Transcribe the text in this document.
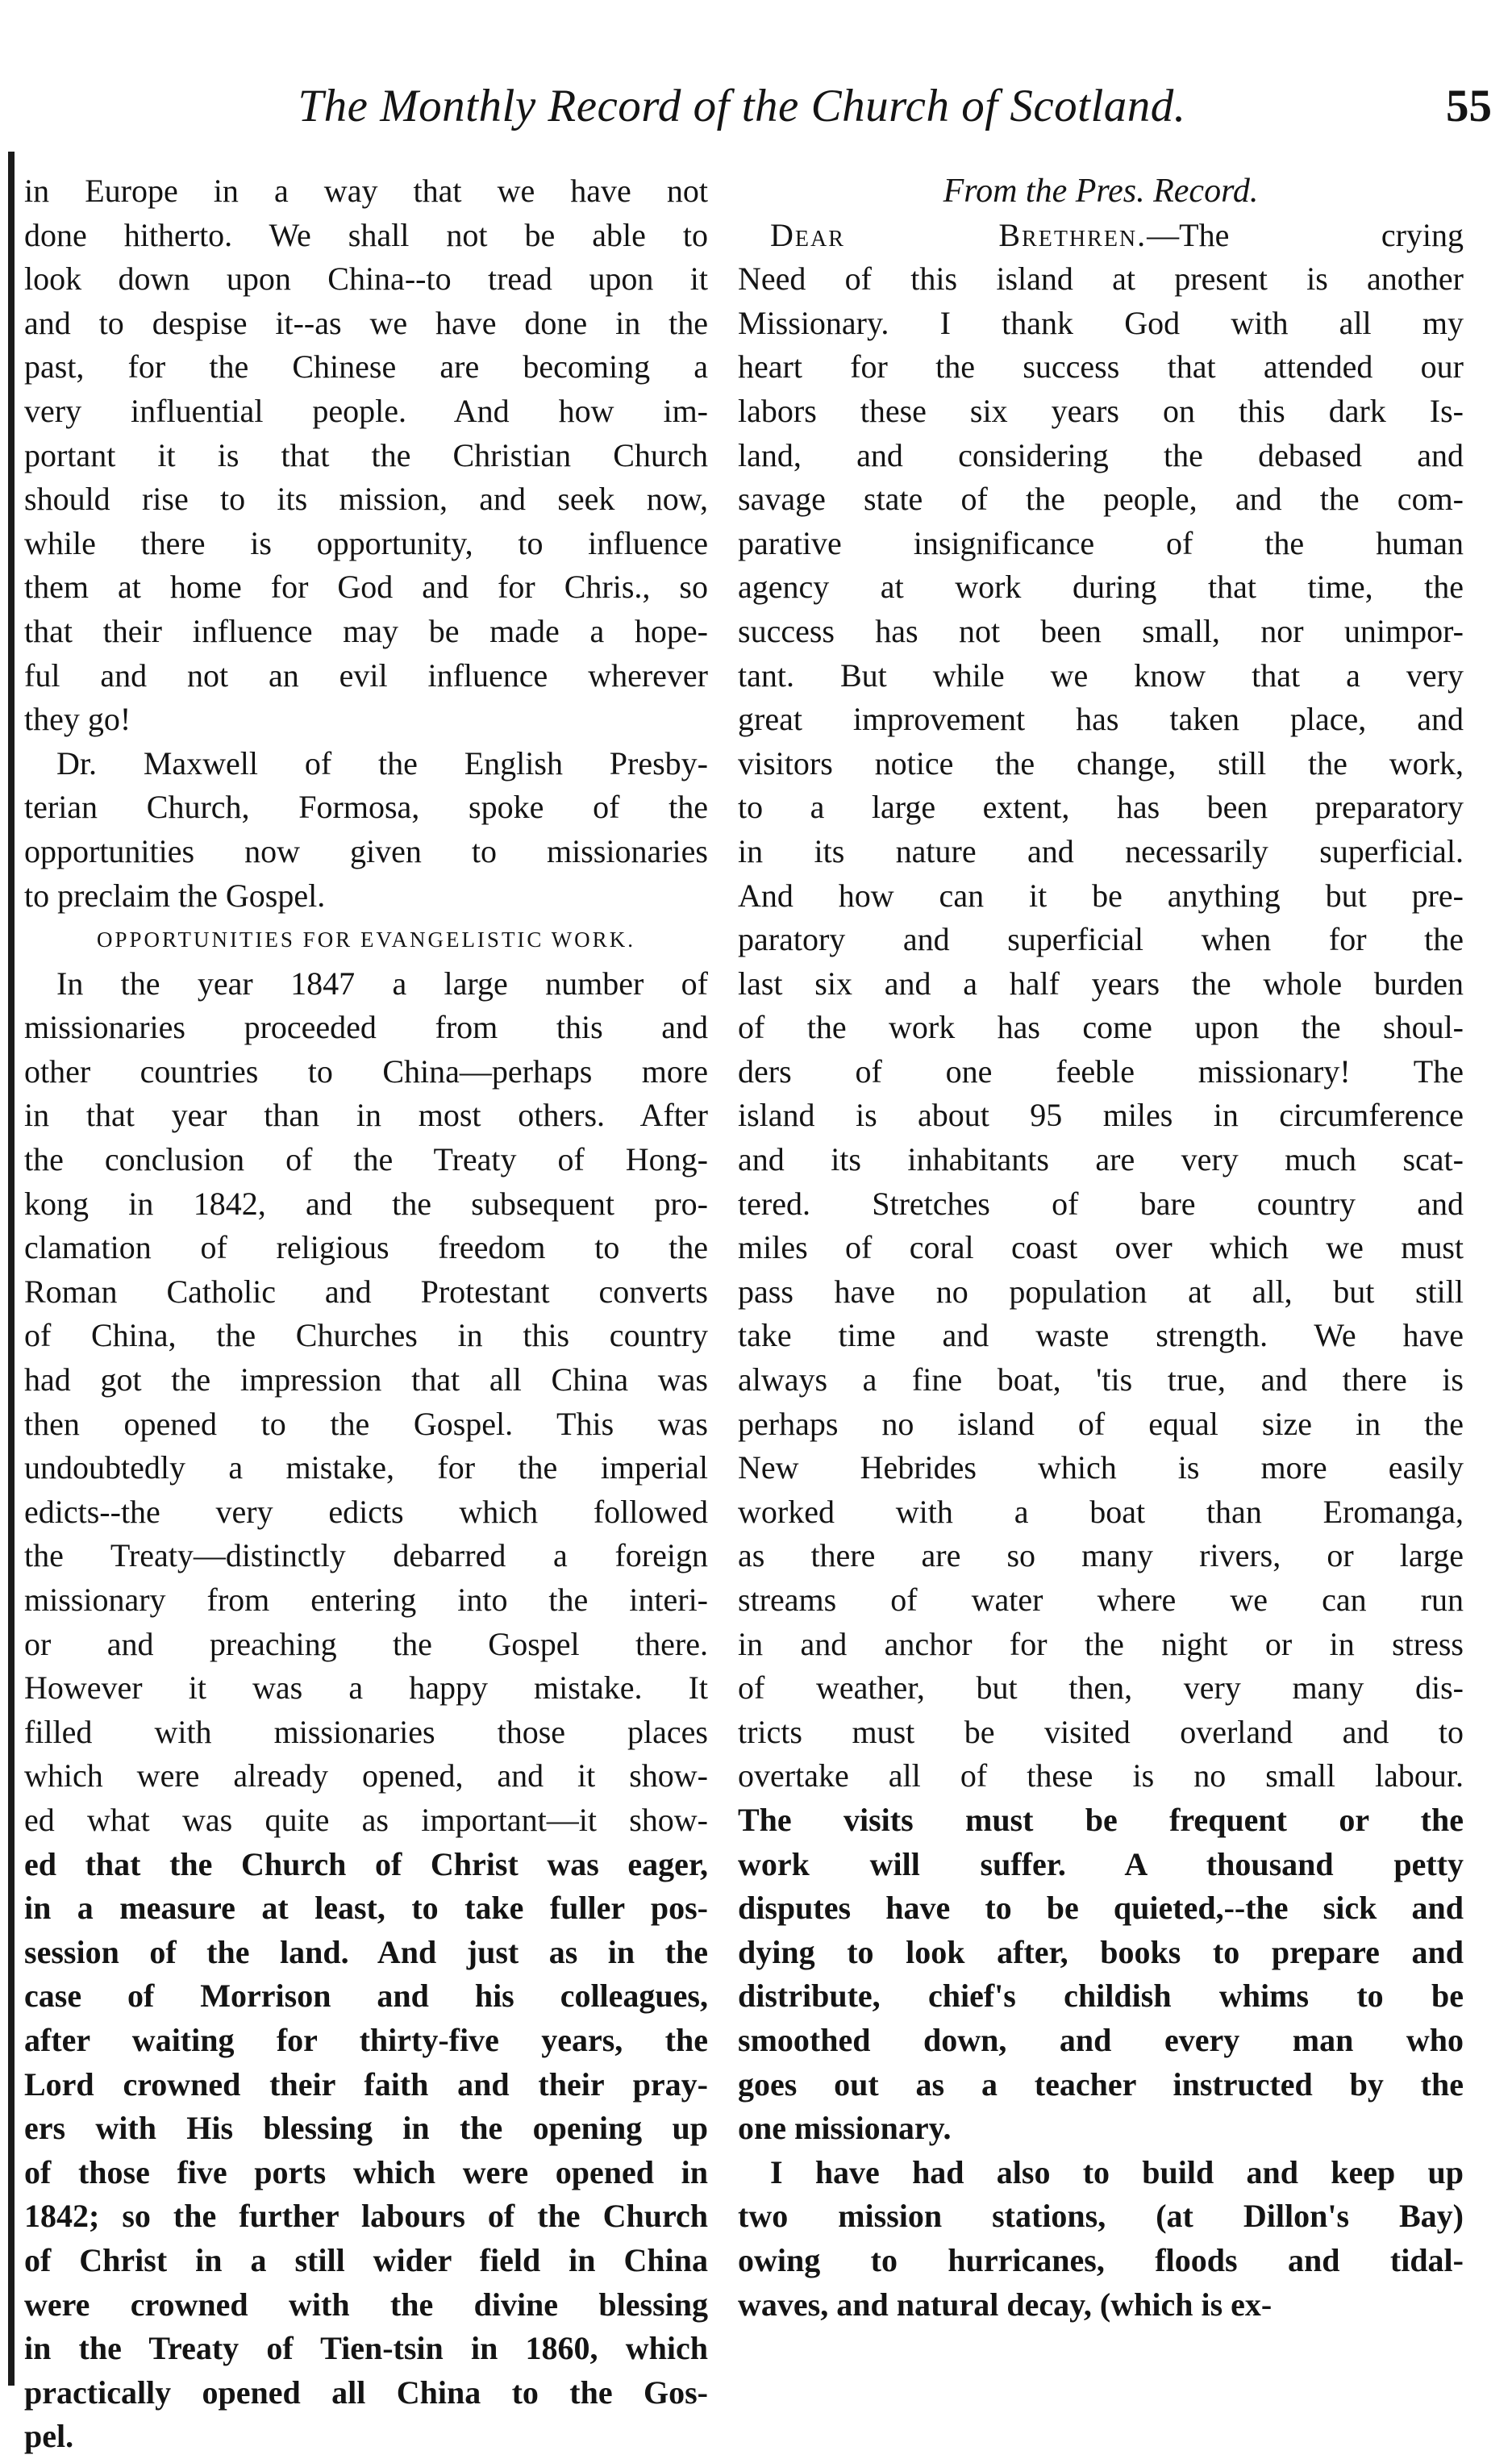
The Monthly Record of the Church of Scotland.	55
in Europe in a way that we have not
done hitherto. We shall not be able to
look down upon China--to tread upon it
and to despise it--as we have done in the
past, for the Chinese are becoming a
very influential people. And how im-
portant it is that the Christian Church
should rise to its mission, and seek now,
while there is opportunity, to influence
them at home for God and for Chris., so
that their influence may be made a hope-
ful and not an evil influence wherever
they go!
Dr. Maxwell of the English Presby-
terian Church, Formosa, spoke of the
opportunities now given to missionaries
to preclaim the Gospel.
OPPORTUNITIES FOR EVANGELISTIC WORK.
In the year 1847 a large number of
missionaries proceeded from this and
other countries to China—perhaps more
in that year than in most others. After
the conclusion of the Treaty of Hong-
kong in 1842, and the subsequent pro-
clamation of religious freedom to the
Roman Catholic and Protestant converts
of China, the Churches in this country
had got the impression that all China was
then opened to the Gospel. This was
undoubtedly a mistake, for the imperial
edicts--the very edicts which followed
the Treaty—distinctly debarred a foreign
missionary from entering into the interi-
or and preaching the Gospel there.
However it was a happy mistake. It
filled with missionaries those places
which were already opened, and it show-
ed what was quite as important—it show-
ed that the Church of Christ was eager,
in a measure at least, to take fuller pos-
session of the land. And just as in the
case of Morrison and his colleagues,
after waiting for thirty-five years, the
Lord crowned their faith and their pray-
ers with His blessing in the opening up
of those five ports which were opened in
1842; so the further labours of the Church
of Christ in a still wider field in China
were crowned with the divine blessing
in the Treaty of Tien-tsin in 1860, which
practically opened all China to the Gos-
pel.
From the Pres. Record.
Dear Brethren.—The crying
Need of this island at present is another
Missionary. I thank God with all my
heart for the success that attended our
labors these six years on this dark Is-
land, and considering the debased and
savage state of the people, and the com-
parative insignificance of the human
agency at work during that time, the
success has not been small, nor unimpor-
tant. But while we know that a very
great improvement has taken place, and
visitors notice the change, still the work,
to a large extent, has been preparatory
in its nature and necessarily superficial.
And how can it be anything but pre-
paratory and superficial when for the
last six and a half years the whole burden
of the work has come upon the shoul-
ders of one feeble missionary! The
island is about 95 miles in circumference
and its inhabitants are very much scat-
tered. Stretches of bare country and
miles of coral coast over which we must
pass have no population at all, but still
take time and waste strength. We have
always a fine boat, 'tis true, and there is
perhaps no island of equal size in the
New Hebrides which is more easily
worked with a boat than Eromanga,
as there are so many rivers, or large
streams of water where we can run
in and anchor for the night or in stress
of weather, but then, very many dis-
tricts must be visited overland and to
overtake all of these is no small labour.
The visits must be frequent or the
work will suffer. A thousand petty
disputes have to be quieted,--the sick and
dying to look after, books to prepare and
distribute, chief's childish whims to be
smoothed down, and every man who
goes out as a teacher instructed by the
one missionary.
I have had also to build and keep up
two mission stations, (at Dillon's Bay)
owing to hurricanes, floods and tidal-
waves, and natural decay, (which is ex-
